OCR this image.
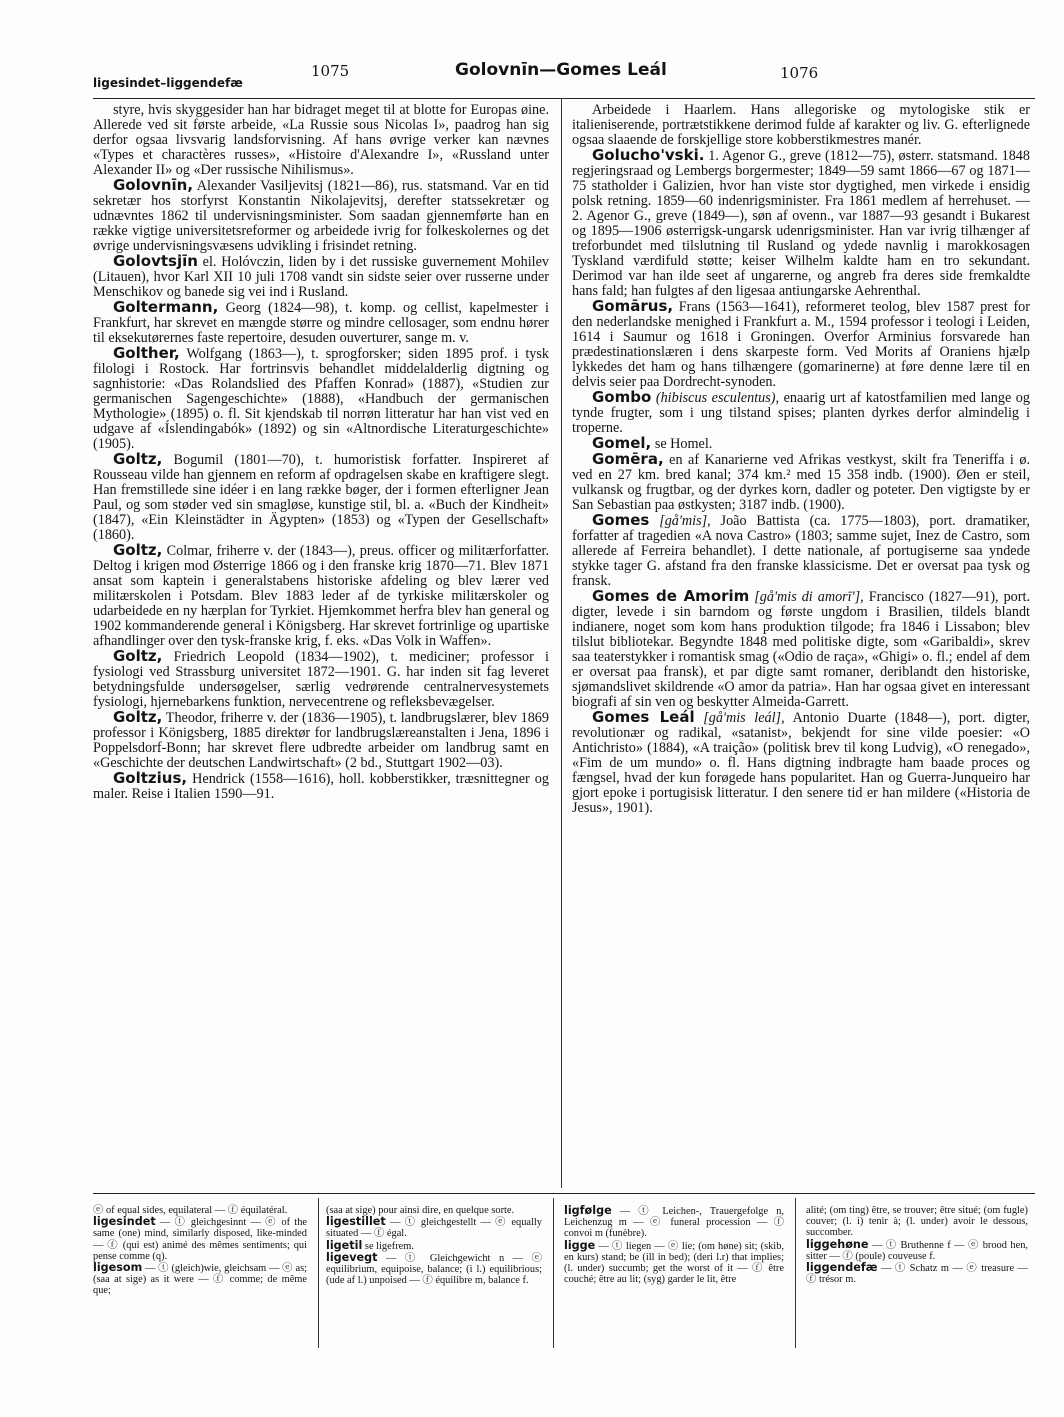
ligesindet–liggendefæ
1075	Golovnīn—Gomes Leál	1076

styre, hvis skyggesider han har bidraget meget til at blotte for Europas øine. Allerede ved sit første arbeide, «La Russie sous Nicolas I», paadrog han sig derfor ogsaa livsvarig landsforvisning. Af hans øvrige verker kan nævnes «Types et charactères russes», «Histoire d'Alexandre I», «Russland unter Alexander II» og «Der russische Nihilismus».

Golovnīn, Alexander Vasiljevitsj (1821—86), rus. statsmand. Var en tid sekretær hos storfyrst Konstantin Nikolajevitsj, derefter statssekretær og udnævntes 1862 til undervisningsminister. Som saadan gjennemførte han en række vigtige universitetsreformer og arbeidede ivrig for folkeskolernes og det øvrige undervisningsvæsens udvikling i frisindet retning.

Golovtsjīn el. Holóvczin, liden by i det russiske guvernement Mohilev (Litauen), hvor Karl XII 10 juli 1708 vandt sin sidste seier over russerne under Menschikov og banede sig vei ind i Rusland.

Goltermann, Georg (1824—98), t. komp. og cellist, kapelmester i Frankfurt, har skrevet en mængde større og mindre cellosager, som endnu hører til eksekutørernes faste repertoire, desuden ouverturer, sange m. v.

Golther, Wolfgang (1863—), t. sprogforsker; siden 1895 prof. i tysk filologi i Rostock. Har fortrinsvis behandlet middelalderlig digtning og sagnhistorie: «Das Rolandslied des Pfaffen Konrad» (1887), «Studien zur germanischen Sagengeschichte» (1888), «Handbuch der germanischen Mythologie» (1895) o. fl. Sit kjendskab til norrøn litteratur har han vist ved en udgave af «Íslendingabók» (1892) og sin «Altnordische Literaturgeschichte» (1905).

Goltz, Bogumil (1801—70), t. humoristisk forfatter. Inspireret af Rousseau vilde han gjennem en reform af opdragelsen skabe en kraftigere slegt. Han fremstillede sine idéer i en lang række bøger, der i formen efterligner Jean Paul, og som støder ved sin smagløse, kunstige stil, bl. a. «Buch der Kindheit» (1847), «Ein Kleinstädter in Ägypten» (1853) og «Typen der Gesellschaft» (1860).

Goltz, Colmar, friherre v. der (1843—), preus. officer og militærforfatter. Deltog i krigen mod Østerrige 1866 og i den franske krig 1870—71. Blev 1871 ansat som kaptein i generalstabens historiske afdeling og blev lærer ved militærskolen i Potsdam. Blev 1883 leder af de tyrkiske militærskoler og udarbeidede en ny hærplan for Tyrkiet. Hjemkommet herfra blev han general og 1902 kommanderende general i Königsberg. Har skrevet fortrinlige og upartiske afhandlinger over den tysk-franske krig, f. eks. «Das Volk in Waffen».

Goltz, Friedrich Leopold (1834—1902), t. mediciner; professor i fysiologi ved Strassburg universitet 1872—1901. G. har inden sit fag leveret betydningsfulde undersøgelser, særlig vedrørende centralnervesystemets fysiologi, hjernebarkens funktion, nervecentrene og refleksbevægelser.

Goltz, Theodor, friherre v. der (1836—1905), t. landbrugslærer, blev 1869 professor i Königsberg, 1885 direktør for landbrugslæreanstalten i Jena, 1896 i Poppelsdorf-Bonn; har skrevet flere udbredte arbeider om landbrug samt en «Geschichte der deutschen Landwirtschaft» (2 bd., Stuttgart 1902—03).

Goltzius, Hendrick (1558—1616), holl. kobberstikker, træsnittegner og maler. Reise i Italien 1590—91.

Arbeidede i Haarlem. Hans allegoriske og mytologiske stik er italieniserende, portrætstikkene derimod fulde af karakter og liv. G. efterlignede ogsaa slaaende de forskjellige store kobberstikmestres manér.

Golucho'vski. 1. Agenor G., greve (1812—75), østerr. statsmand. 1848 regjeringsraad og Lembergs borgermester; 1849—59 samt 1866—67 og 1871—75 statholder i Galizien, hvor han viste stor dygtighed, men virkede i ensidig polsk retning. 1859—60 indenrigsminister. Fra 1861 medlem af herrehuset. — 2. Agenor G., greve (1849—), søn af ovenn., var 1887—93 gesandt i Bukarest og 1895—1906 østerrigsk-ungarsk udenrigsminister. Han var ivrig tilhænger af treforbundet med tilslutning til Rusland og ydede navnlig i marokkosagen Tyskland værdifuld støtte; keiser Wilhelm kaldte ham en tro sekundant. Derimod var han ilde seet af ungarerne, og angreb fra deres side fremkaldte hans fald; han fulgtes af den ligesaa antiungarske Aehrenthal.

Gomārus, Frans (1563—1641), reformeret teolog, blev 1587 prest for den nederlandske menighed i Frankfurt a. M., 1594 professor i teologi i Leiden, 1614 i Saumur og 1618 i Groningen. Overfor Arminius forsvarede han prædestinationslæren i dens skarpeste form. Ved Morits af Oraniens hjælp lykkedes det ham og hans tilhængere (gomarinerne) at føre denne lære til en delvis seier paa Dordrecht-synoden.

Gombo (hibiscus esculentus), enaarig urt af katostfamilien med lange og tynde frugter, som i ung tilstand spises; planten dyrkes derfor almindelig i troperne.

Gomel, se Homel.

Gomēra, en af Kanarierne ved Afrikas vestkyst, skilt fra Teneriffa i ø. ved en 27 km. bred kanal; 374 km.² med 15 358 indb. (1900). Øen er steil, vulkansk og frugtbar, og der dyrkes korn, dadler og poteter. Den vigtigste by er San Sebastian paa østkysten; 3187 indb. (1900).

Gomes [gå'mis], João Battista (ca. 1775—1803), port. dramatiker, forfatter af tragedien «A nova Castro» (1803; samme sujet, Inez de Castro, som allerede af Ferreira behandlet). I dette nationale, af portugiserne saa yndede stykke tager G. afstand fra den franske klassicisme. Det er oversat paa tysk og fransk.

Gomes de Amorim [gå'mis di amorī'], Francisco (1827—91), port. digter, levede i sin barndom og første ungdom i Brasilien, tildels blandt indianere, noget som kom hans produktion tilgode; fra 1846 i Lissabon; blev tilslut bibliotekar. Begyndte 1848 med politiske digte, som «Garibaldi», skrev saa teaterstykker i romantisk smag («Odio de raça», «Ghigi» o. fl.; endel af dem er oversat paa fransk), et par digte samt romaner, deriblandt den historiske, sjømandslivet skildrende «O amor da patria». Han har ogsaa givet en interessant biografi af sin ven og beskytter Almeida-Garrett.

Gomes Leál [gå'mis leál], Antonio Duarte (1848—), port. digter, revolutionær og radikal, «satanist», bekjendt for sine vilde poesier: «O Antichristo» (1884), «A traição» (politisk brev til kong Ludvig), «O renegado», «Fim de um mundo» o. fl. Hans digtning indbragte ham baade proces og fængsel, hvad der kun forøgede hans popularitet. Han og Guerra-Junqueiro har gjort epoke i portugisisk litteratur. I den senere tid er han mildere («Historia de Jesus», 1901).

ⓔ of equal sides, equilateral — ⓕ équilatéral.

ligesindet — ⓣ gleichgesinnt — ⓔ of the same (one) mind, similarly disposed, like-minded — ⓕ (qui est) animé des mêmes sentiments; qui pense comme (q).

ligesom — ⓣ (gleich)wie, gleichsam — ⓔ as; (saa at sige) as it were — ⓕ comme; de même que;

(saa at sige) pour ainsi dire, en quelque sorte.

ligestillet — ⓣ gleichgestellt — ⓔ equally situated — ⓕ égal.

ligetil se ligefrem.

ligevegt — ⓣ Gleichgewicht n — ⓔ equilibrium, equipoise, balance; (i l.) equilibrious; (ude af l.) unpoised — ⓕ équilibre m, balance f.

ligfølge — ⓣ Leichen-, Trauergefolge n, Leichenzug m — ⓔ funeral procession — ⓕ convoi m (funèbre).

ligge — ⓣ liegen — ⓔ lie; (om høne) sit; (skib, en kurs) stand; be (ill in bed); (deri l.r) that implies; (l. under) succumb; get the worst of it — ⓕ être couché; être au lit; (syg) garder le lit, être

alité; (om ting) être, se trouver; être situé; (om fugle) couver; (l. i) tenir à; (l. under) avoir le dessous, succomber.

liggehøne — ⓣ Bruthenne f — ⓔ brood hen, sitter — ⓕ (poule) couveuse f.

liggendefæ — ⓣ Schatz m — ⓔ treasure — ⓕ trésor m.
